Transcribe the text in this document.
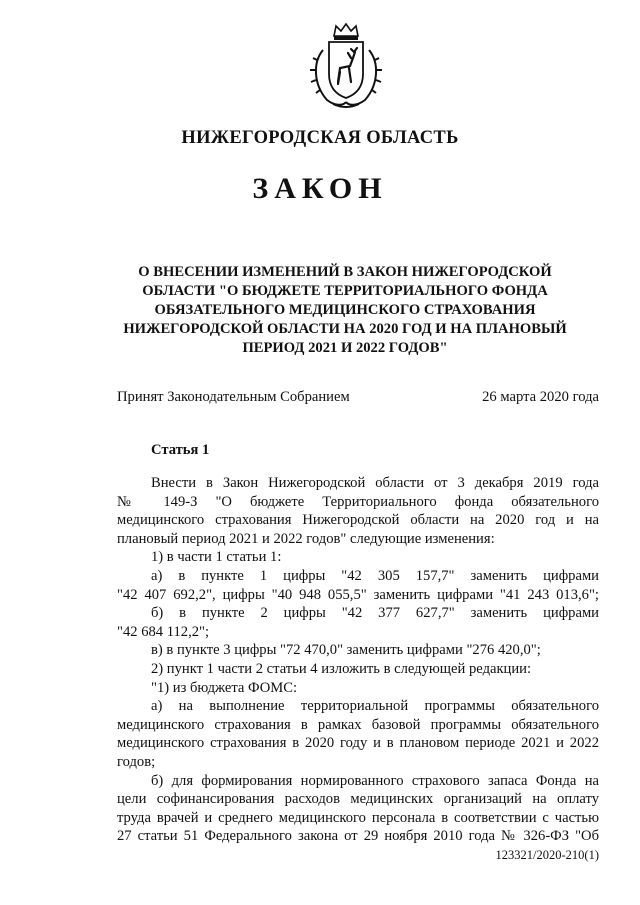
НИЖЕГОРОДСКАЯ ОБЛАСТЬ
ЗАКОН
О ВНЕСЕНИИ ИЗМЕНЕНИЙ В ЗАКОН НИЖЕГОРОДСКОЙ
ОБЛАСТИ "О БЮДЖЕТЕ ТЕРРИТОРИАЛЬНОГО ФОНДА
ОБЯЗАТЕЛЬНОГО МЕДИЦИНСКОГО СТРАХОВАНИЯ
НИЖЕГОРОДСКОЙ ОБЛАСТИ НА 2020 ГОД И НА ПЛАНОВЫЙ
ПЕРИОД 2021 И 2022 ГОДОВ"
Принят Законодательным Собранием	26 марта 2020 года
Статья 1

Внести в Закон Нижегородской области от 3 декабря 2019 года

№ 149-З "О бюджете Территориального фонда обязательного

медицинского страхования Нижегородской области на 2020 год и на

плановый период 2021 и 2022 годов" следующие изменения:

1) в части 1 статьи 1:

а) в пункте 1 цифры "42 305 157,7" заменить цифрами

"42 407 692,2", цифры "40 948 055,5" заменить цифрами "41 243 013,6";

б) в пункте 2 цифры "42 377 627,7" заменить цифрами

"42 684 112,2";

в) в пункте 3 цифры "72 470,0" заменить цифрами "276 420,0";

2) пункт 1 части 2 статьи 4 изложить в следующей редакции:

"1) из бюджета ФОМС:

а) на выполнение территориальной программы обязательного

медицинского страхования в рамках базовой программы обязательного

медицинского страхования в 2020 году и в плановом периоде 2021 и 2022

годов;

б) для формирования нормированного страхового запаса Фонда на

цели софинансирования расходов медицинских организаций на оплату

труда врачей и среднего медицинского персонала в соответствии с частью

27 статьи 51 Федерального закона от 29 ноября 2010 года № 326-ФЗ "Об

123321/2020-210(1)
